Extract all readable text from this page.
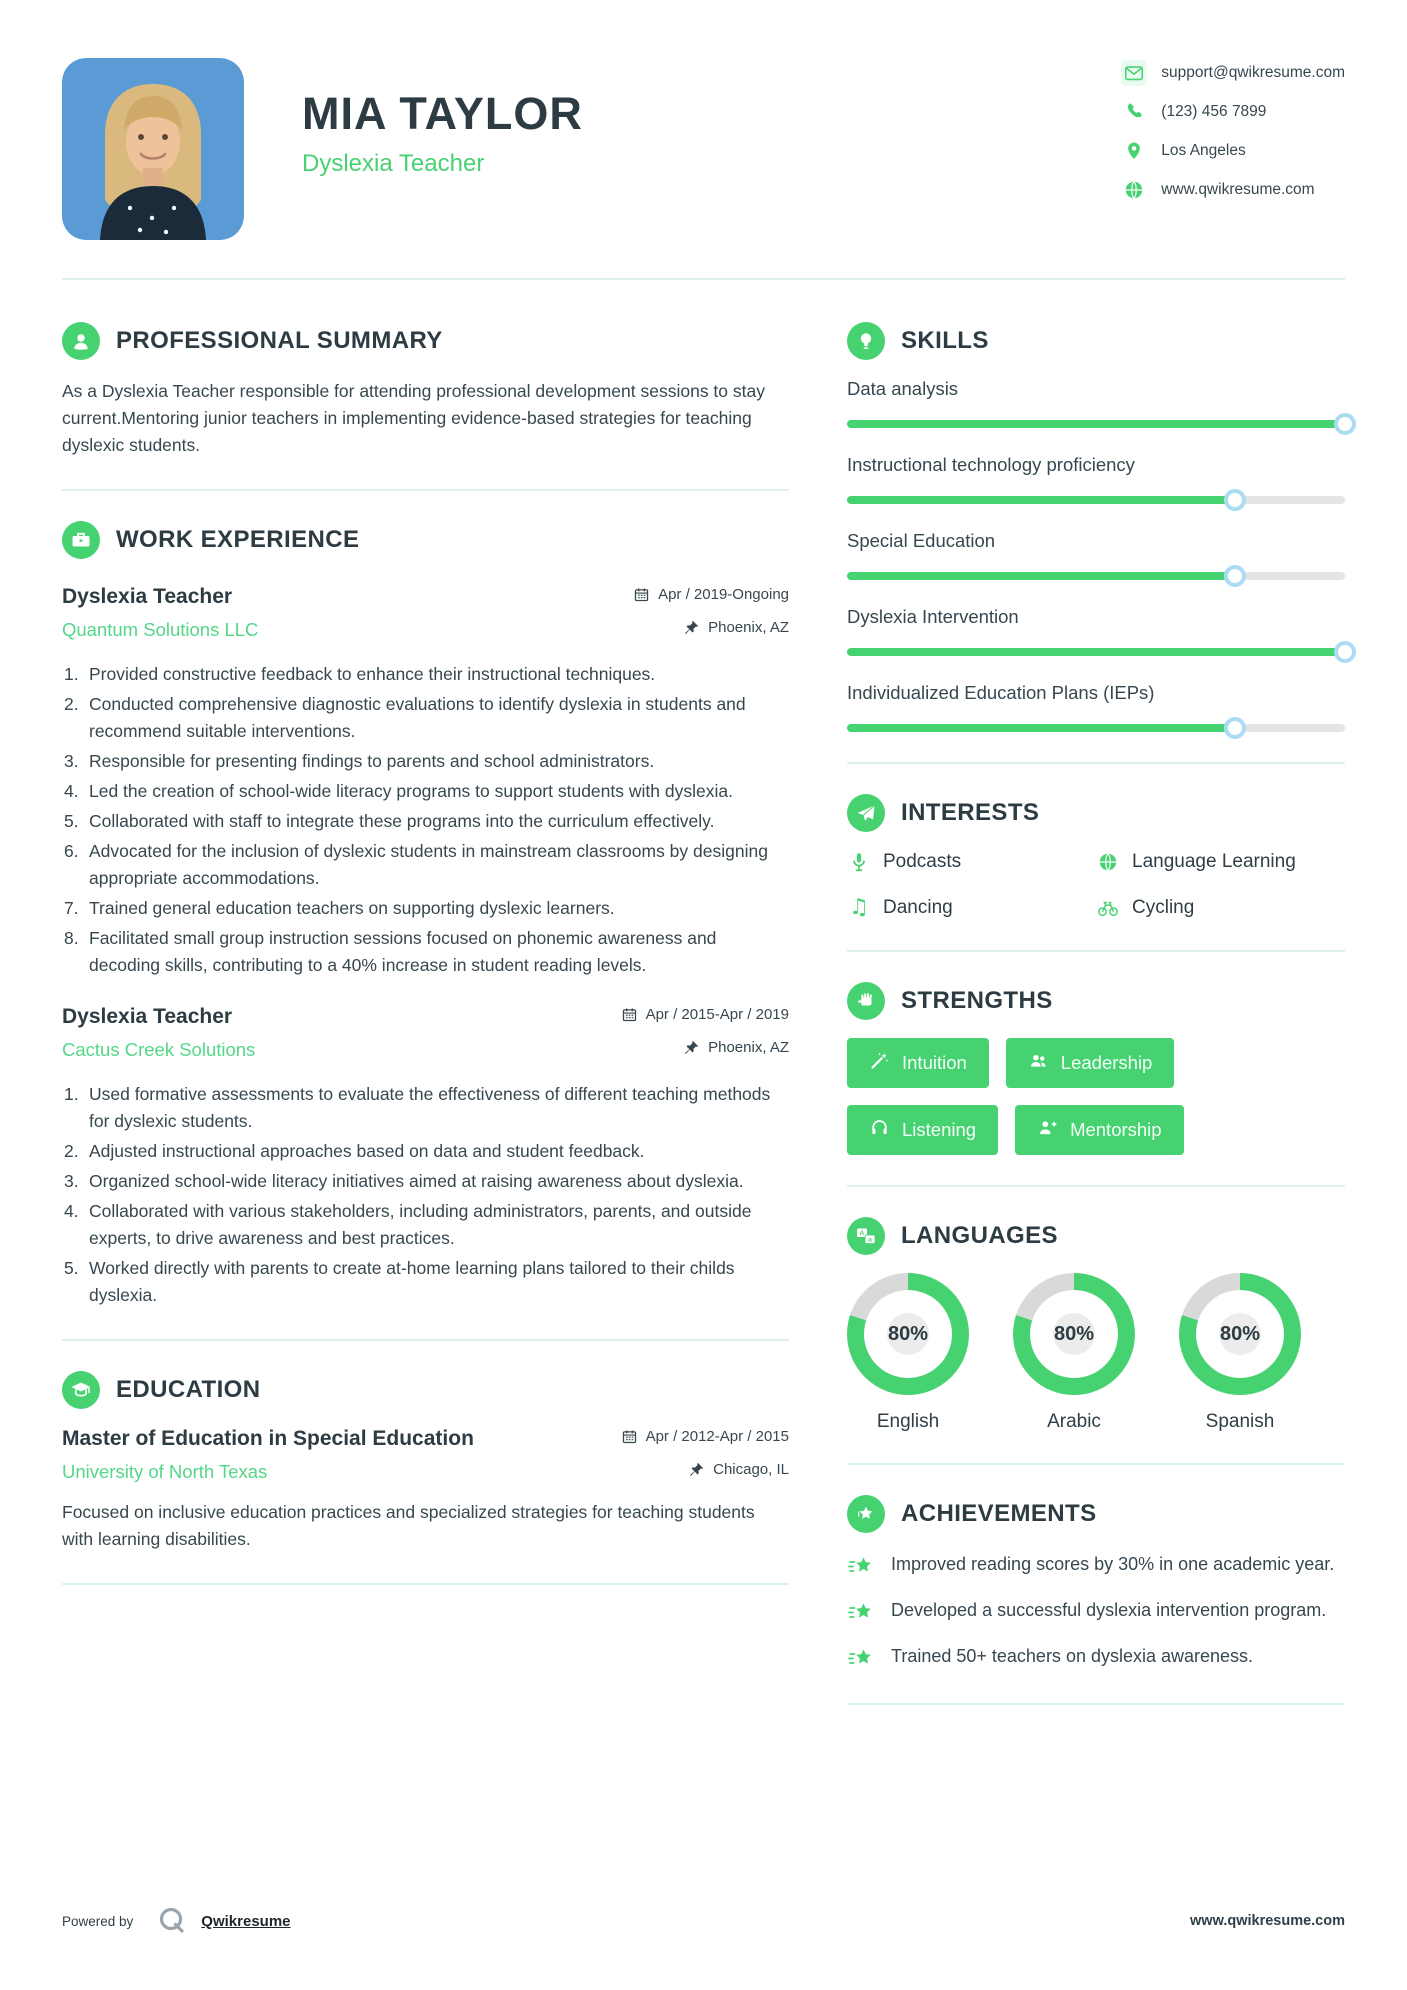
MIA TAYLOR
Dyslexia Teacher
support@qwikresume.com
(123) 456 7899
Los Angeles
www.qwikresume.com
PROFESSIONAL SUMMARY

As a Dyslexia Teacher responsible for attending professional development sessions to stay current.Mentoring junior teachers in implementing evidence-based strategies for teaching dyslexic students.

WORK EXPERIENCE
Dyslexia Teacher	Apr / 2019-Ongoing
Quantum Solutions LLC	Phoenix, AZ
Provided constructive feedback to enhance their instructional techniques.
Conducted comprehensive diagnostic evaluations to identify dyslexia in students and recommend suitable interventions.
Responsible for presenting findings to parents and school administrators.
Led the creation of school-wide literacy programs to support students with dyslexia.
Collaborated with staff to integrate these programs into the curriculum effectively.
Advocated for the inclusion of dyslexic students in mainstream classrooms by designing appropriate accommodations.
Trained general education teachers on supporting dyslexic learners.
Facilitated small group instruction sessions focused on phonemic awareness and decoding skills, contributing to a 40% increase in student reading levels.
Dyslexia Teacher	Apr / 2015-Apr / 2019
Cactus Creek Solutions	Phoenix, AZ
Used formative assessments to evaluate the effectiveness of different teaching methods for dyslexic students.
Adjusted instructional approaches based on data and student feedback.
Organized school-wide literacy initiatives aimed at raising awareness about dyslexia.
Collaborated with various stakeholders, including administrators, parents, and outside experts, to drive awareness and best practices.
Worked directly with parents to create at-home learning plans tailored to their childs dyslexia.
EDUCATION
Master of Education in Special Education	Apr / 2012-Apr / 2015
University of North Texas	Chicago, IL

Focused on inclusive education practices and specialized strategies for teaching students with learning disabilities.

SKILLS
Data analysis
Instructional technology proficiency
Special Education
Dyslexia Intervention
Individualized Education Plans (IEPs)
INTERESTS
Podcasts	Language Learning
♫ Dancing	Cycling
STRENGTHS
Intuition	Leadership
Listening	Mentorship
A
a LANGUAGES
80%
English
80%
Arabic
80%
Spanish
ACHIEVEMENTS

Improved reading scores by 30% in one academic year.

Developed a successful dyslexia intervention program.

Trained 50+ teachers on dyslexia awareness.

Powered by	Qwikresume	www.qwikresume.com
